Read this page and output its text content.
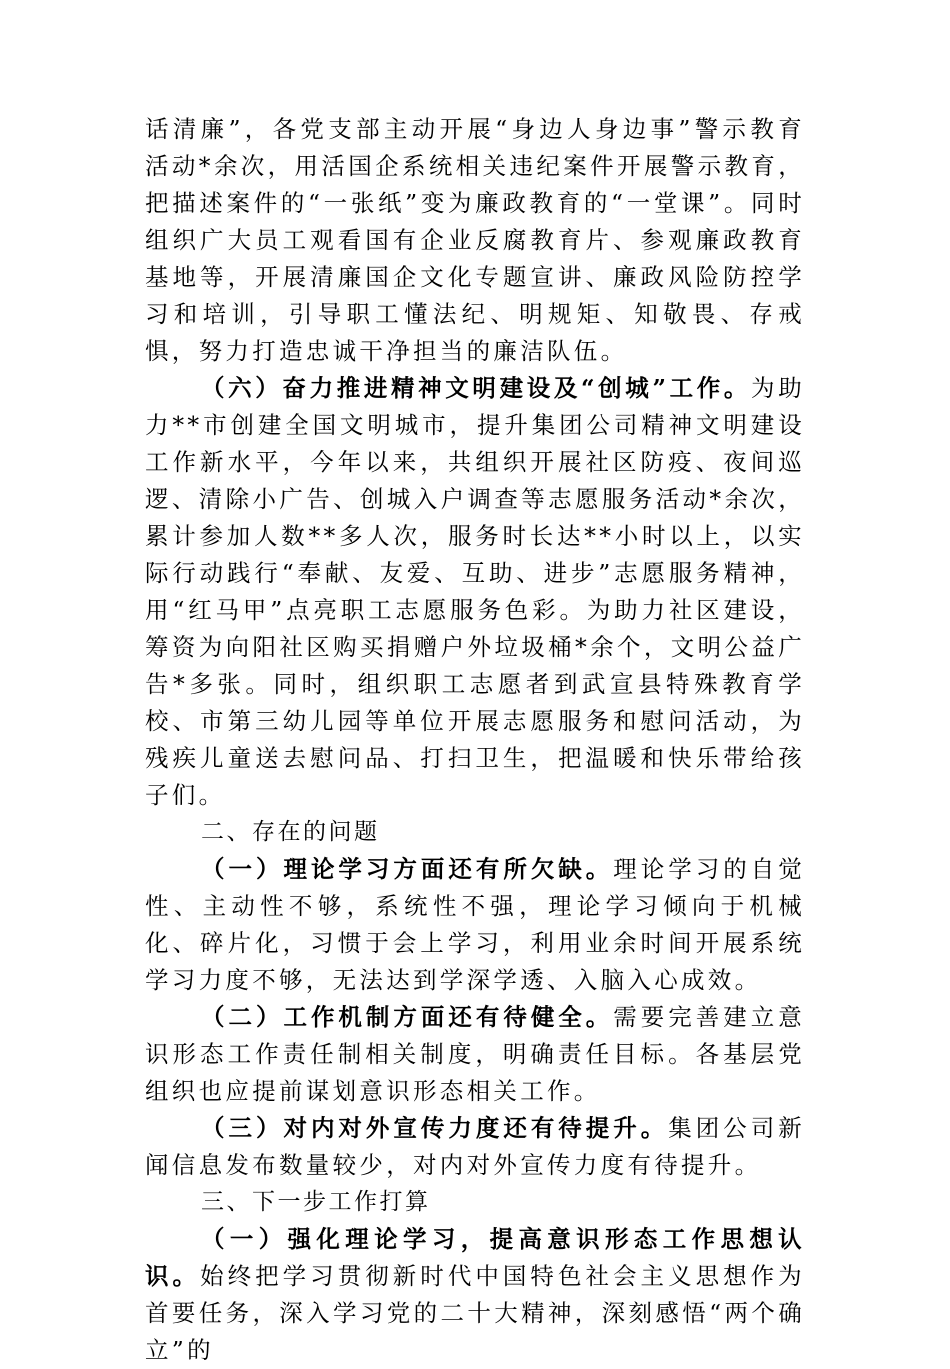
话清廉”，各党支部主动开展“身边人身边事”警示教育活动*余次，用活国企系统相关违纪案件开展警示教育，把描述案件的“一张纸”变为廉政教育的“一堂课”。同时组织广大员工观看国有企业反腐教育片、参观廉政教育基地等，开展清廉国企文化专题宣讲、廉政风险防控学习和培训，引导职工懂法纪、明规矩、知敬畏、存戒惧，努力打造忠诚干净担当的廉洁队伍。

（六）奋力推进精神文明建设及“创城”工作。为助力**市创建全国文明城市，提升集团公司精神文明建设工作新水平，今年以来，共组织开展社区防疫、夜间巡逻、清除小广告、创城入户调查等志愿服务活动*余次，累计参加人数**多人次，服务时长达**小时以上，以实际行动践行“奉献、友爱、互助、进步”志愿服务精神，用“红马甲”点亮职工志愿服务色彩。为助力社区建设，筹资为向阳社区购买捐赠户外垃圾桶*余个，文明公益广告*多张。同时，组织职工志愿者到武宣县特殊教育学校、市第三幼儿园等单位开展志愿服务和慰问活动，为残疾儿童送去慰问品、打扫卫生，把温暖和快乐带给孩子们。

二、存在的问题

（一）理论学习方面还有所欠缺。理论学习的自觉性、主动性不够，系统性不强，理论学习倾向于机械化、碎片化，习惯于会上学习，利用业余时间开展系统学习力度不够，无法达到学深学透、入脑入心成效。

（二）工作机制方面还有待健全。需要完善建立意识形态工作责任制相关制度，明确责任目标。各基层党组织也应提前谋划意识形态相关工作。

（三）对内对外宣传力度还有待提升。集团公司新闻信息发布数量较少，对内对外宣传力度有待提升。

三、下一步工作打算

（一）强化理论学习，提高意识形态工作思想认识。始终把学习贯彻新时代中国特色社会主义思想作为首要任务，深入学习党的二十大精神，深刻感悟“两个确立”的
